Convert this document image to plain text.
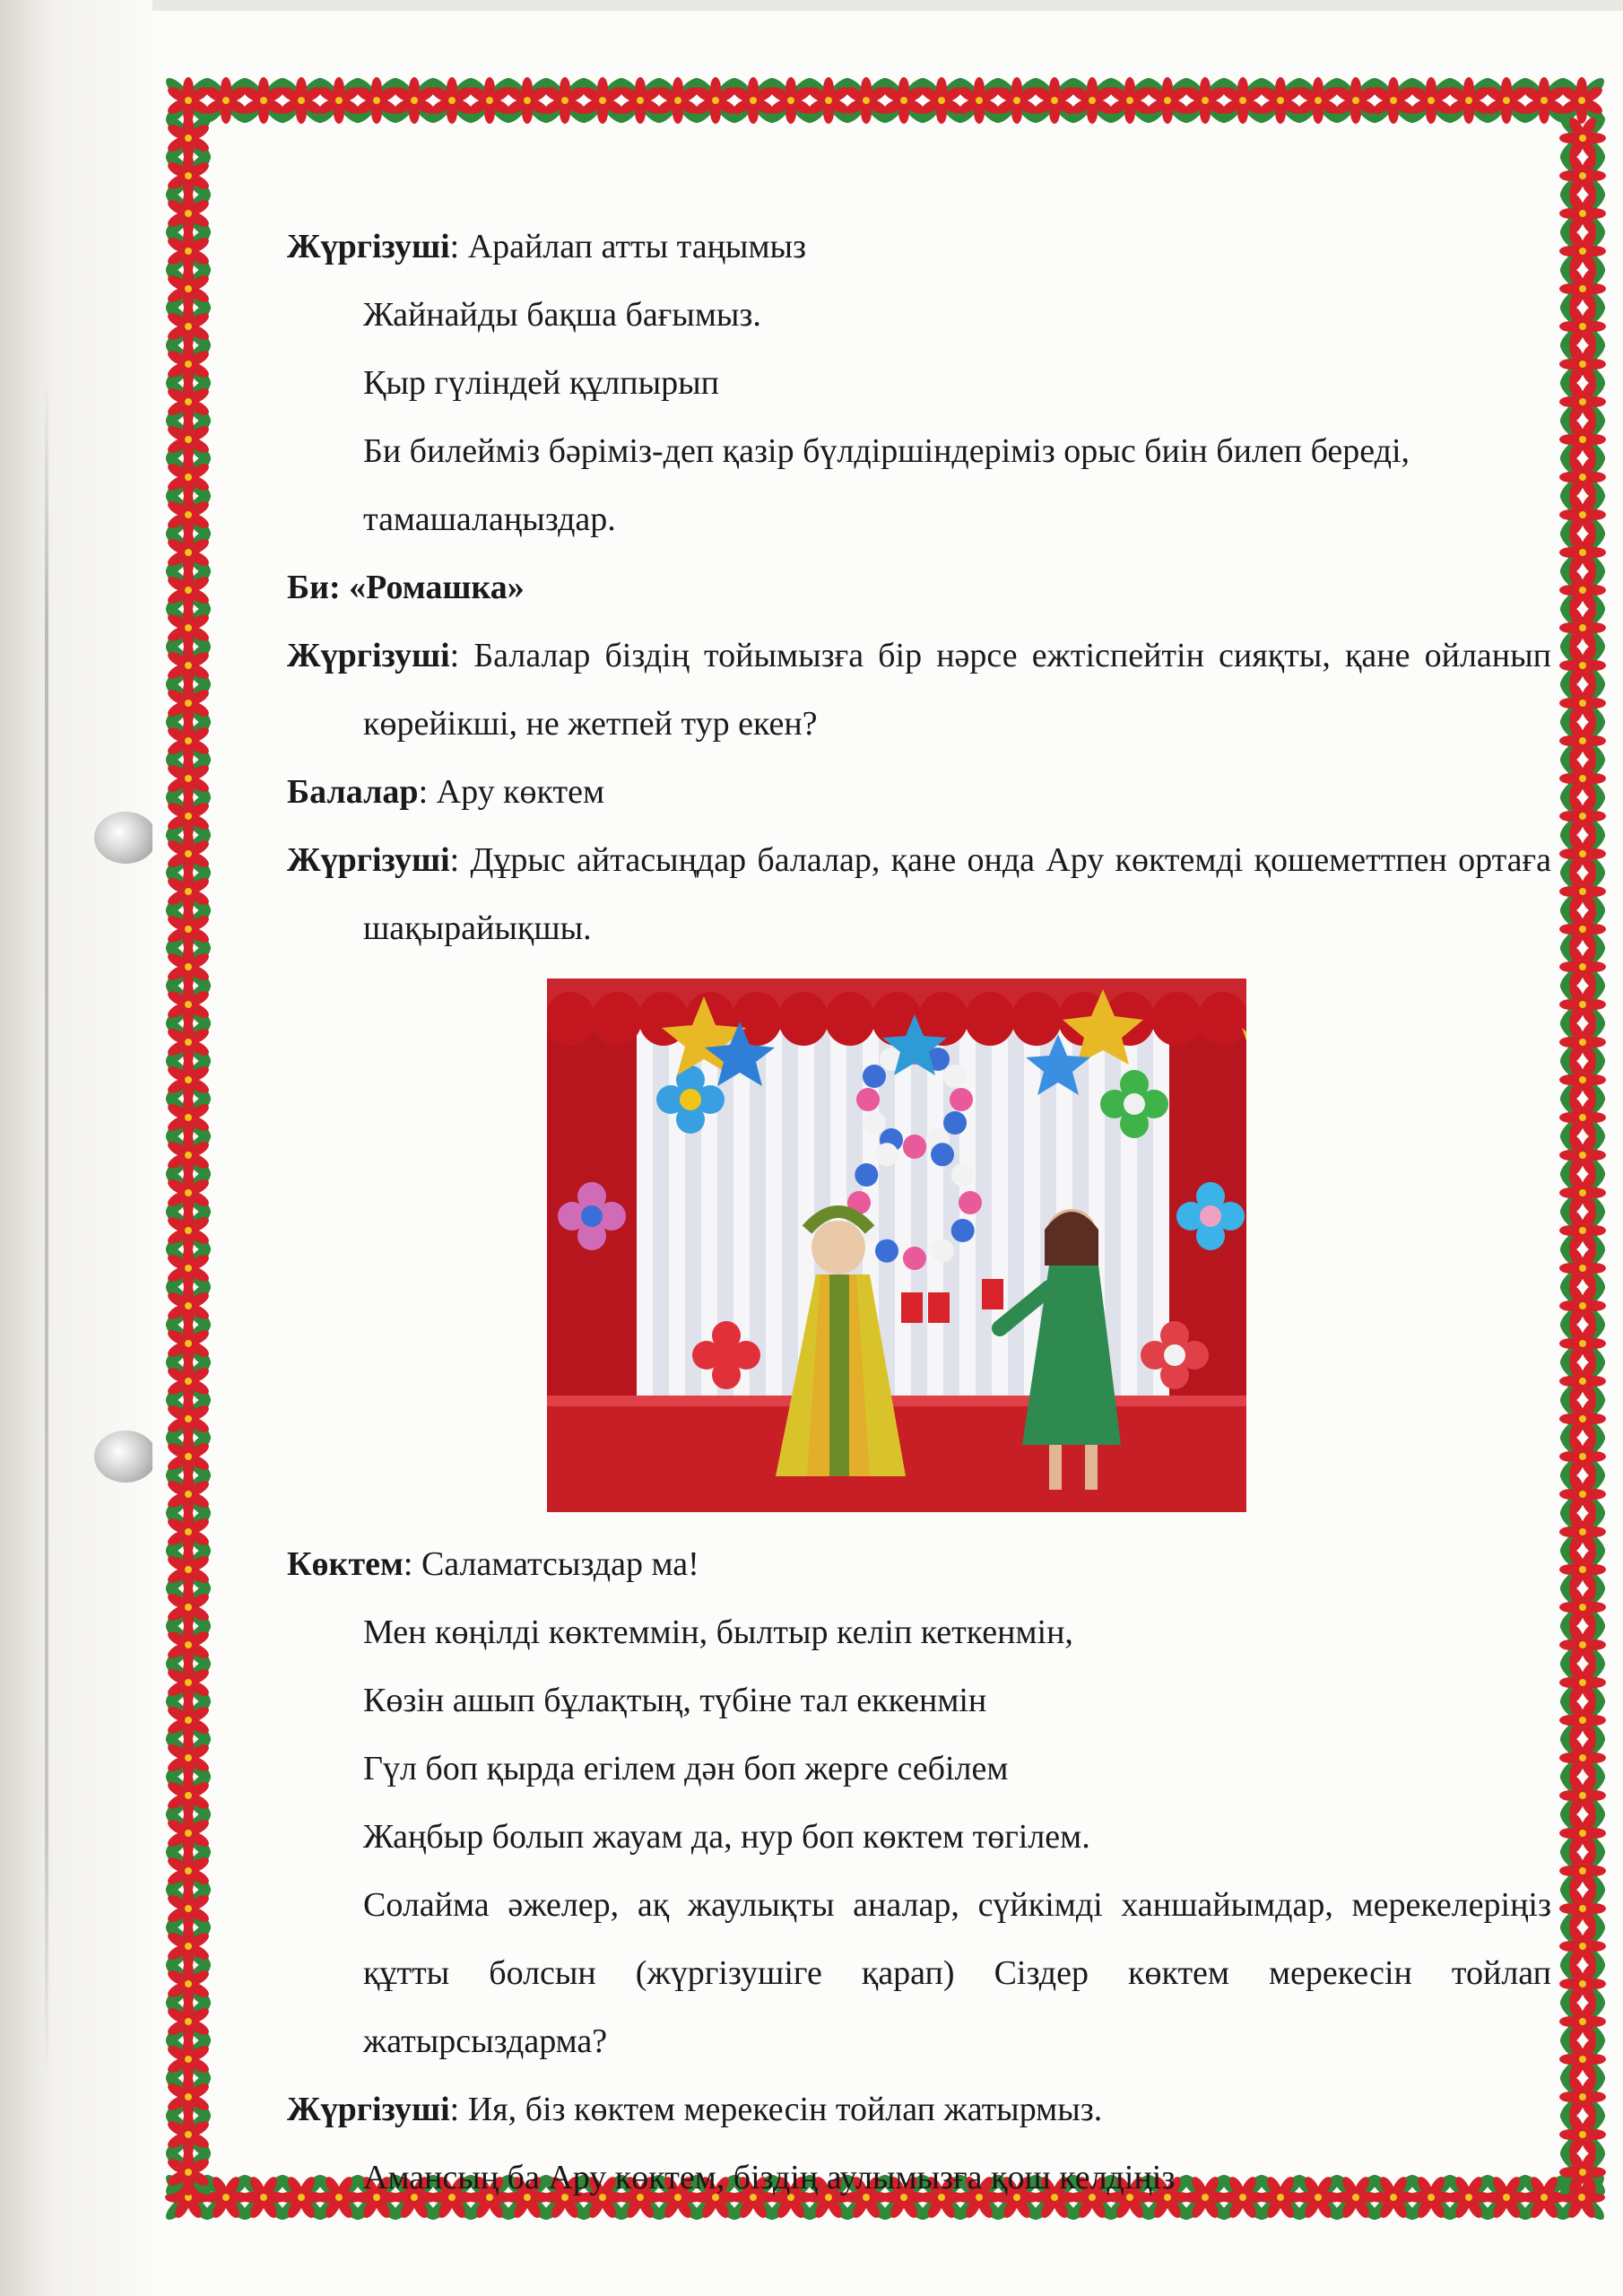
Жүргізуші: Арайлап атты таңымыз

Жайнайды бақша бағымыз.

Қыр гүліндей құлпырып

Би билейміз бәріміз-деп қазір бүлдіршіндеріміз орыс биін билеп береді,

тамашалаңыздар.

Би: «Ромашка»

Жүргізуші: Балалар біздің тойымызға бір нәрсе ежтіспейтін сияқты, қане ойланып көрейікші, не жетпей тур екен?

Балалар: Ару көктем

Жүргізуші: Дұрыс айтасыңдар балалар, қане онда Ару көктемді қошеметтпен ортаға шақырайықшы.

Көктем: Саламатсыздар ма!

Мен көңілді көктеммін, былтыр келіп кеткенмін,

Көзін ашып бұлақтың, түбіне тал еккенмін

Гүл боп қырда егілем дән боп жерге себілем

Жаңбыр болып жауам да, нур боп көктем төгілем.

Солайма әжелер, ақ жаулықты аналар, сүйкімді ханшайымдар, мерекелеріңіз құтты болсын (жүргізушіге қарап) Сіздер көктем мерекесін тойлап жатырсыздарма?

Жүргізуші: Ия, біз көктем мерекесін тойлап жатырмыз.

Амансың ба Ару көктем, біздің аулымызға қош келдіңіз
